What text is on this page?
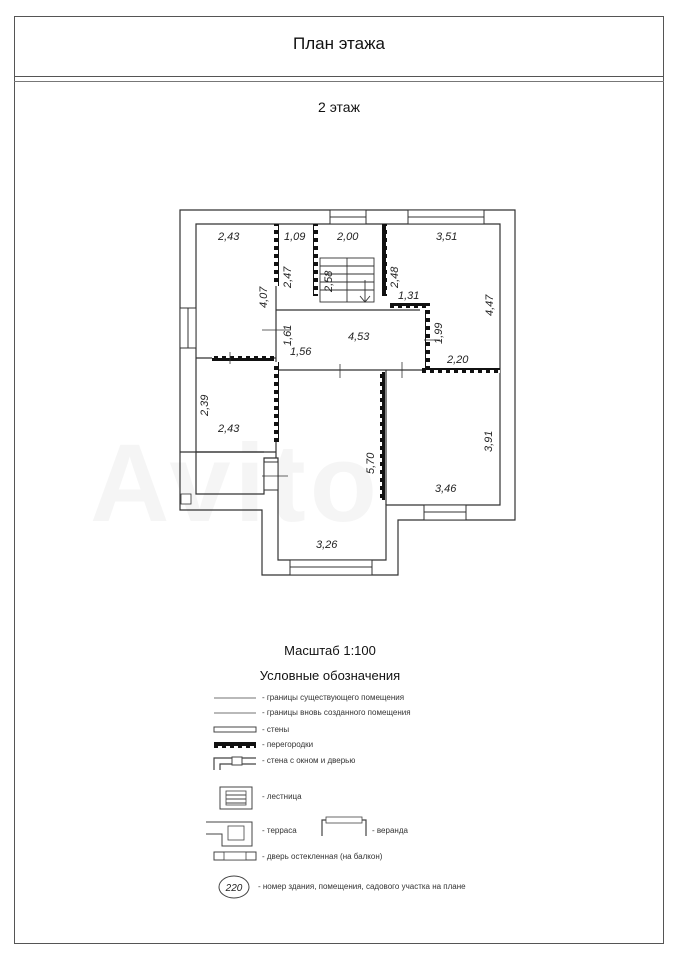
План этажа
2 этаж
2,43	1,09	2,00	3,51
4,07
2,47	2,58	2,48
1,31	4,47
1,61	4,53	1,99
1,56
2,20
2,39
2,43
5,70
3,91
3,46
3,26
220
Масштаб 1:100
Условные обозначения
- границы существующего помещения
- границы вновь созданного помещения
- стены
- перегородки
- стена с окном и дверью
- лестница
- терраса	- веранда
- дверь остекленная (на балкон)
- номер здания, помещения, садового участка на плане
